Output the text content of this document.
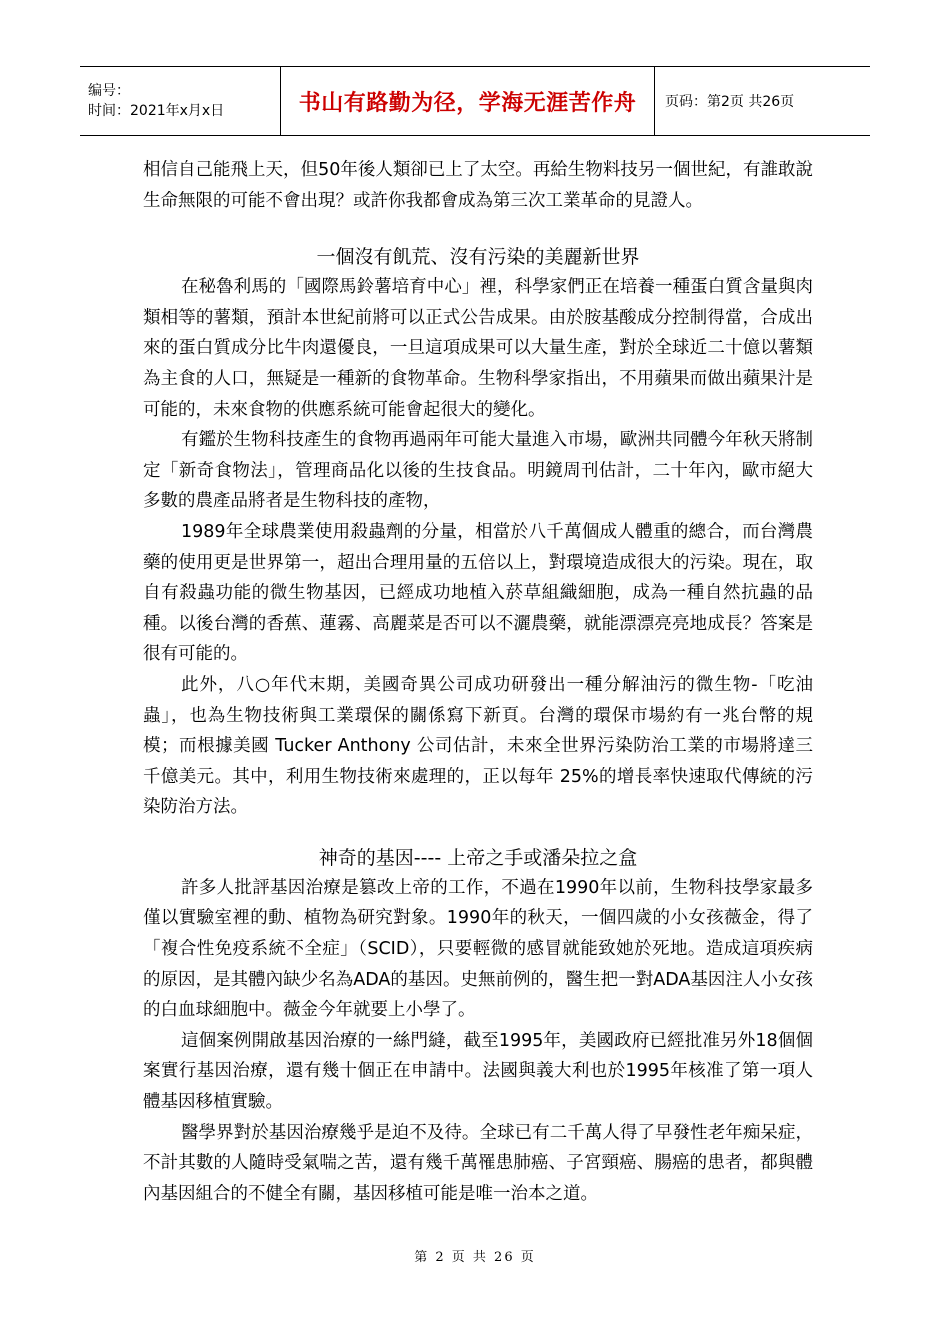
编号：
时间：2021年x月x日	书山有路勤为径，学海无涯苦作舟 页码：第2页 共26页

相信自己能飛上天，但50年後人類卻已上了太空。再給生物料技另一個世紀，有誰敢說生命無限的可能不會出現？或許你我都會成為第三次工業革命的見證人。

一個沒有飢荒、沒有污染的美麗新世界

在秘魯利馬的「國際馬鈴薯培育中心」裡，科學家們正在培養一種蛋白質含量與肉類相等的薯類，預計本世紀前將可以正式公告成果。由於胺基酸成分控制得當，合成出來的蛋白質成分比牛肉還優良，一旦這項成果可以大量生產，對於全球近二十億以薯類為主食的人口，無疑是一種新的食物革命。生物科學家指出，不用蘋果而做出蘋果汁是可能的，未來食物的供應系統可能會起很大的變化。

有鑑於生物科技產生的食物再過兩年可能大量進入市場，歐洲共同體今年秋天將制定「新奇食物法」，管理商品化以後的生技食品。明鏡周刊估計，二十年內，歐市絕大多數的農產品將者是生物科技的產物，

1989年全球農業使用殺蟲劑的分量，相當於八千萬個成人體重的總合，而台灣農藥的使用更是世界第一，超出合理用量的五倍以上，對環境造成很大的污染。現在，取自有殺蟲功能的微生物基因，已經成功地植入菸草組織細胞，成為一種自然抗蟲的品種。以後台灣的香蕉、蓮霧、高麗菜是否可以不灑農藥，就能漂漂亮亮地成長？答案是很有可能的。

此外，八○年代末期，美國奇異公司成功研發出一種分解油污的微生物-「吃油蟲」，也為生物技術與工業環保的關係寫下新頁。台灣的環保市場約有一兆台幣的規模；而根據美國 Tucker Anthony 公司估計，未來全世界污染防治工業的市場將達三千億美元。其中，利用生物技術來處理的，正以每年 25%的增長率快速取代傳統的污染防治方法。

神奇的基因---- 上帝之手或潘朵拉之盒

許多人批評基因治療是篡改上帝的工作，不過在1990年以前，生物科技學家最多僅以實驗室裡的動、植物為研究對象。1990年的秋天，一個四歲的小女孩薇金，得了「複合性免疫系統不全症」（SCID），只要輕微的感冒就能致她於死地。造成這項疾病的原因，是其體內缺少名為ADA的基因。史無前例的，醫生把一對ADA基因注人小女孩的白血球細胞中。薇金今年就要上小學了。

這個案例開啟基因治療的一絲門縫，截至1995年，美國政府已經批准另外18個個案實行基因治療，還有幾十個正在申請中。法國與義大利也於1995年核准了第一項人體基因移植實驗。

醫學界對於基因治療幾乎是迫不及待。全球已有二千萬人得了早發性老年痴呆症，不計其數的人隨時受氣喘之苦，還有幾千萬罹患肺癌、子宮頸癌、腸癌的患者，都與體內基因組合的不健全有關，基因移植可能是唯一治本之道。

第 2 页 共 26 页
